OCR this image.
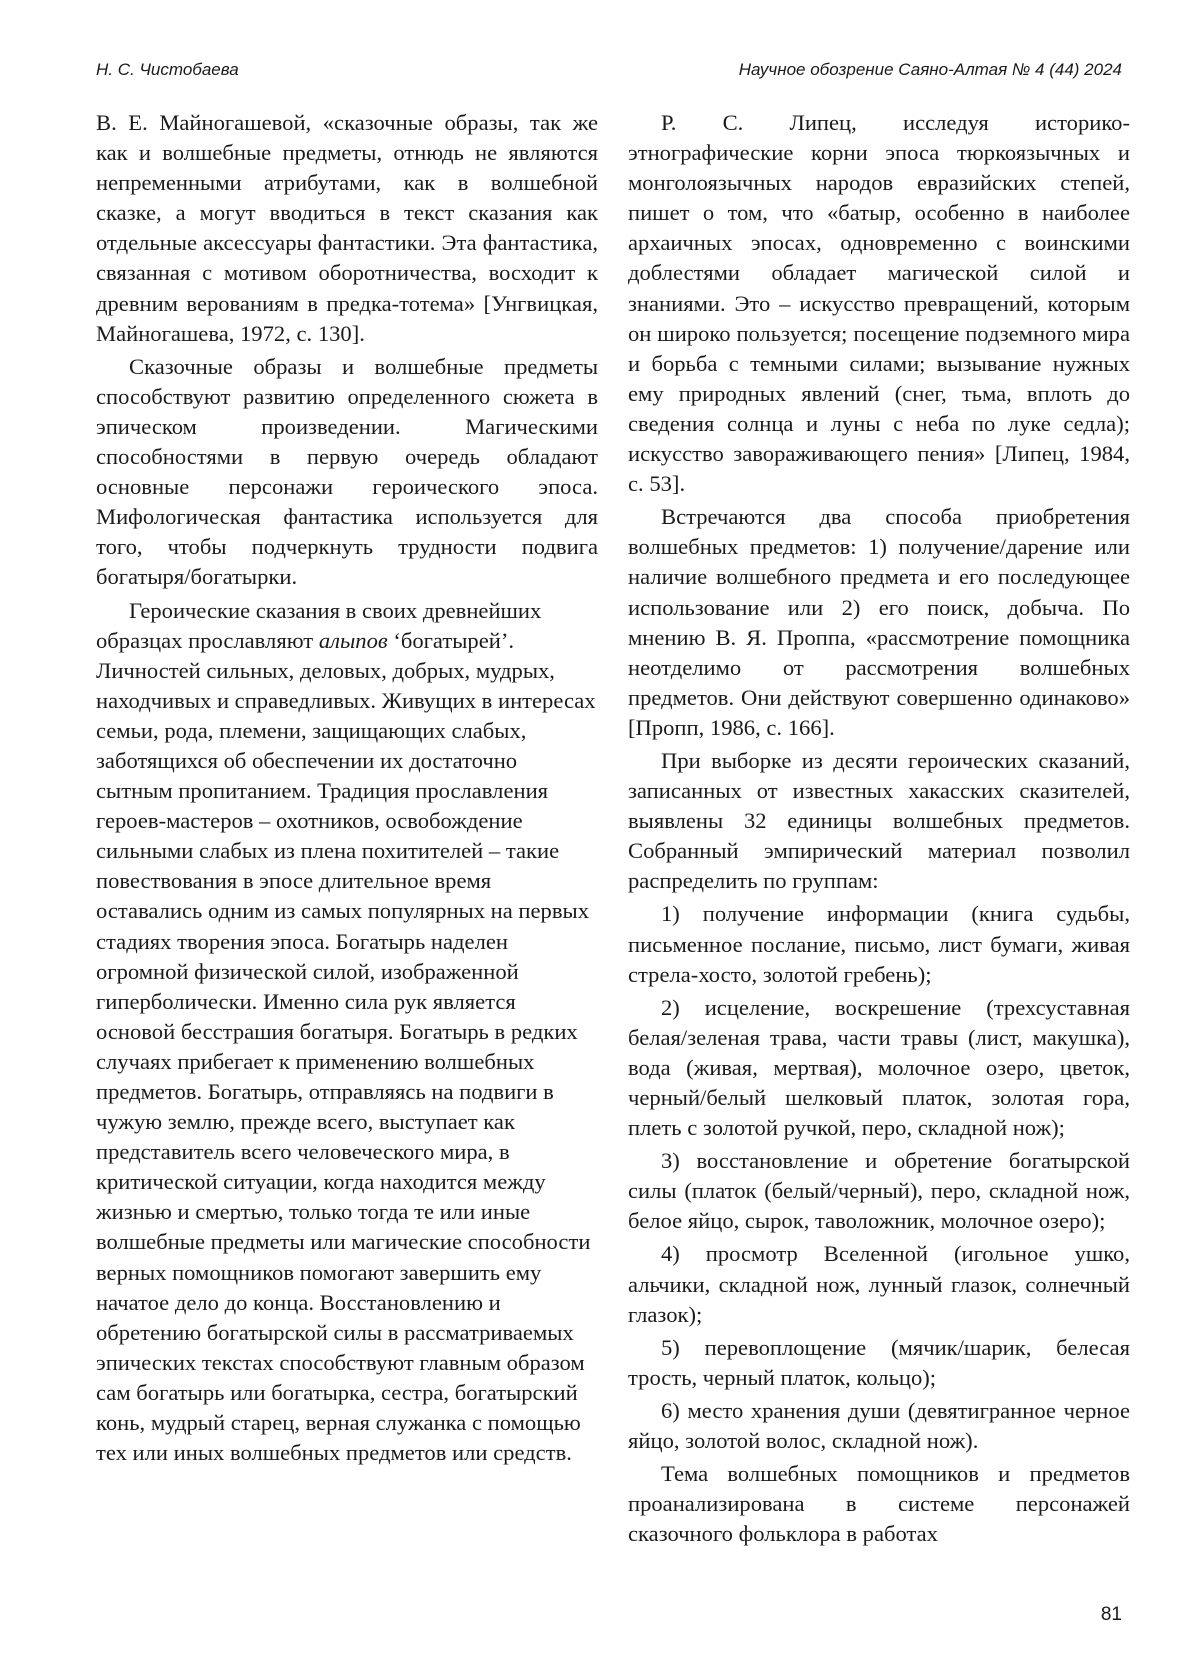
Н. С. Чистобаева	Научное обозрение Саяно-Алтая № 4 (44) 2024

В. Е. Майногашевой, «сказочные образы, так же как и волшебные предметы, отнюдь не являются непременными атрибутами, как в волшебной сказке, а могут вводиться в текст сказания как отдельные аксессуары фантастики. Эта фантастика, связанная с мотивом оборотничества, восходит к древним верованиям в предка-тотема» [Унгвицкая, Майногашева, 1972, с. 130].

Сказочные образы и волшебные предметы способствуют развитию определенного сюжета в эпическом произведении. Магическими способностями в первую очередь обладают основные персонажи героического эпоса. Мифологическая фантастика используется для того, чтобы подчеркнуть трудности подвига богатыря/богатырки.

Героические сказания в своих древнейших образцах прославляют алыпов ‘богатырей’. Личностей сильных, деловых, добрых, мудрых, находчивых и справедливых. Живущих в интересах семьи, рода, племени, защищающих слабых, заботящихся об обеспечении их достаточно сытным пропитанием. Традиция прославления героев-мастеров – охотников, освобождение сильными слабых из плена похитителей – такие повествования в эпосе длительное время оставались одним из самых популярных на первых стадиях творения эпоса. Богатырь наделен огромной физической силой, изображенной гиперболически. Именно сила рук является основой бесстрашия богатыря. Богатырь в редких случаях прибегает к применению волшебных предметов. Богатырь, отправляясь на подвиги в чужую землю, прежде всего, выступает как представитель всего человеческого мира, в критической ситуации, когда находится между жизнью и смертью, только тогда те или иные волшебные предметы или магические способности верных помощников помогают завершить ему начатое дело до конца. Восстановлению и обретению богатырской силы в рассматриваемых эпических текстах способствуют главным образом сам богатырь или богатырка, сестра, богатырский конь, мудрый старец, верная служанка с помощью тех или иных волшебных предметов или средств.

Р. С. Липец, исследуя историко-этнографические корни эпоса тюркоязычных и монголоязычных народов евразийских степей, пишет о том, что «батыр, особенно в наиболее архаичных эпосах, одновременно с воинскими доблестями обладает магической силой и знаниями. Это – искусство превращений, которым он широко пользуется; посещение подземного мира и борьба с темными силами; вызывание нужных ему природных явлений (снег, тьма, вплоть до сведения солнца и луны с неба по луке седла); искусство завораживающего пения» [Липец, 1984, с. 53].

Встречаются два способа приобретения волшебных предметов: 1) получение/дарение или наличие волшебного предмета и его последующее использование или 2) его поиск, добыча. По мнению В. Я. Проппа, «рассмотрение помощника неотделимо от рассмотрения волшебных предметов. Они действуют совершенно одинаково» [Пропп, 1986, с. 166].

При выборке из десяти героических сказаний, записанных от известных хакасских сказителей, выявлены 32 единицы волшебных предметов. Собранный эмпирический материал позволил распределить по группам:

1) получение информации (книга судьбы, письменное послание, письмо, лист бумаги, живая стрела-хосто, золотой гребень);

2) исцеление, воскрешение (трехсуставная белая/зеленая трава, части травы (лист, макушка), вода (живая, мертвая), молочное озеро, цветок, черный/белый шелковый платок, золотая гора, плеть с золотой ручкой, перо, складной нож);

3) восстановление и обретение богатырской силы (платок (белый/черный), перо, складной нож, белое яйцо, сырок, таволожник, молочное озеро);

4) просмотр Вселенной (игольное ушко, альчики, складной нож, лунный глазок, солнечный глазок);

5) перевоплощение (мячик/шарик, белесая трость, черный платок, кольцо);

6) место хранения души (девятигранное черное яйцо, золотой волос, складной нож).

Тема волшебных помощников и предметов проанализирована в системе персонажей сказочного фольклора в работах

81
